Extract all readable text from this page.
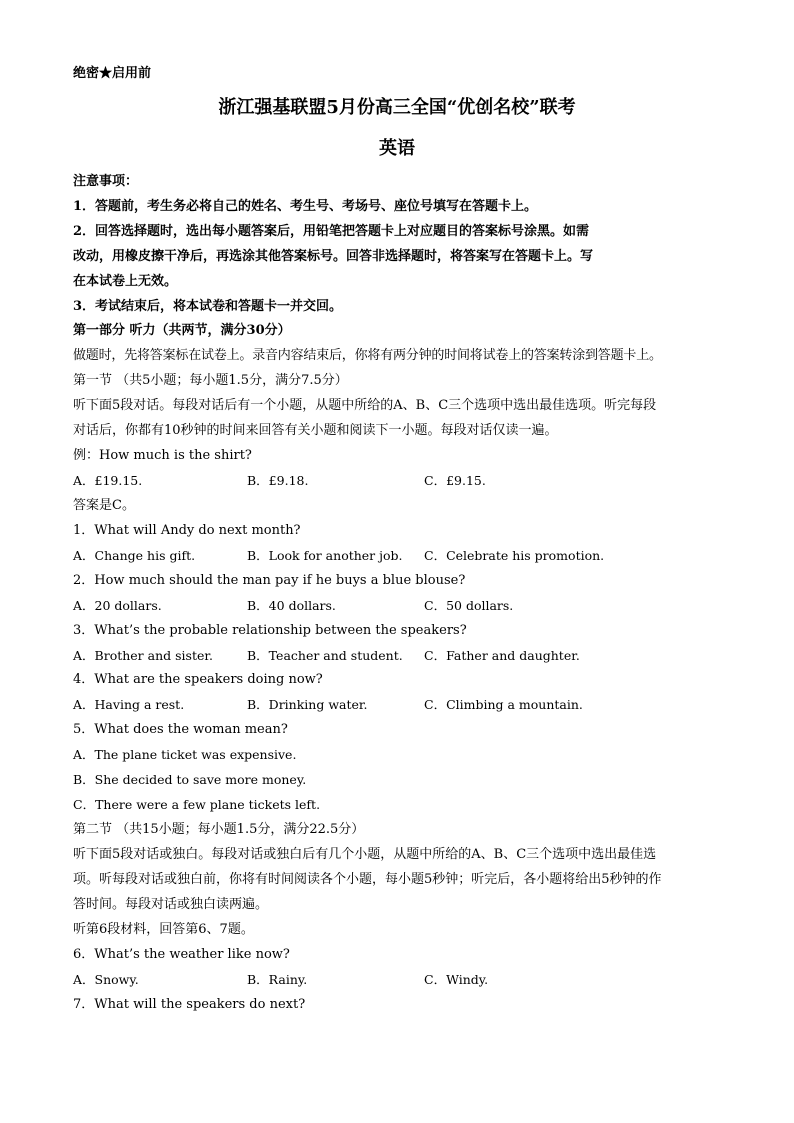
绝密★启用前
浙江强基联盟5月份高三全国“优创名校”联考
英语
注意事项：
1．答题前，考生务必将自己的姓名、考生号、考场号、座位号填写在答题卡上。
2．回答选择题时，选出每小题答案后，用铅笔把答题卡上对应题目的答案标号涂黑。如需
改动，用橡皮擦干净后，再选涂其他答案标号。回答非选择题时，将答案写在答题卡上。写
在本试卷上无效。
3．考试结束后，将本试卷和答题卡一并交回。
第一部分 听力（共两节，满分30分）
做题时，先将答案标在试卷上。录音内容结束后，你将有两分钟的时间将试卷上的答案转涂到答题卡上。
第一节 （共5小题；每小题1.5分，满分7.5分）
听下面5段对话。每段对话后有一个小题，从题中所给的A、B、C三个选项中选出最佳选项。听完每段
对话后，你都有10秒钟的时间来回答有关小题和阅读下一小题。每段对话仅读一遍。
例：How much is the shirt?
A．£19.15.	B．£9.18.	C．£9.15.
答案是C。
1．What will Andy do next month?
A．Change his gift.	B．Look for another job. C．Celebrate his promotion.
2．How much should the man pay if he buys a blue blouse?
A．20 dollars.	B．40 dollars.	C．50 dollars.
3．What’s the probable relationship between the speakers?
A．Brother and sister.	B．Teacher and student. C．Father and daughter.
4．What are the speakers doing now?
A．Having a rest.	B．Drinking water.	C．Climbing a mountain.
5．What does the woman mean?
A．The plane ticket was expensive.
B．She decided to save more money.
C．There were a few plane tickets left.
第二节 （共15小题；每小题1.5分，满分22.5分）
听下面5段对话或独白。每段对话或独白后有几个小题，从题中所给的A、B、C三个选项中选出最佳选
项。听每段对话或独白前，你将有时间阅读各个小题，每小题5秒钟；听完后，各小题将给出5秒钟的作
答时间。每段对话或独白读两遍。
听第6段材料，回答第6、7题。
6．What’s the weather like now?
A．Snowy.	B．Rainy.	C．Windy.
7．What will the speakers do next?
